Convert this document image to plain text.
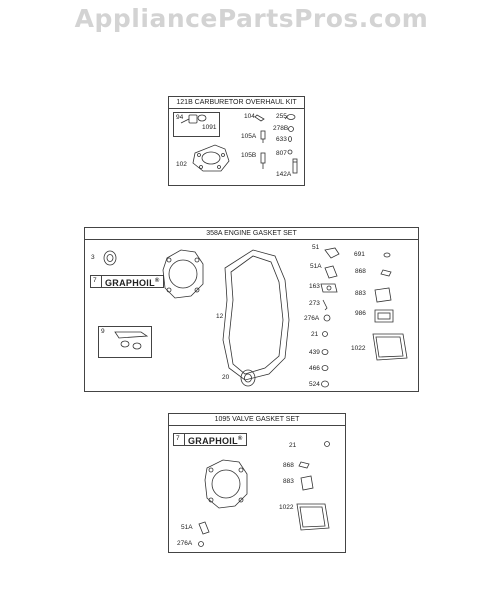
AppliancePartsPros.com
121B CARBURETOR OVERHAUL KIT
94
1091
104	255
278B
105A	633
105B	807
102
142A
358A ENGINE GASKET SET
7 GRAPHOIL®
9
3
51
691
51A
868
163
883
273
986
12	276A
21
1022
439
466
20
524
1095 VALVE GASKET SET
7 GRAPHOIL®
21
868
883
1022
51A
276A
